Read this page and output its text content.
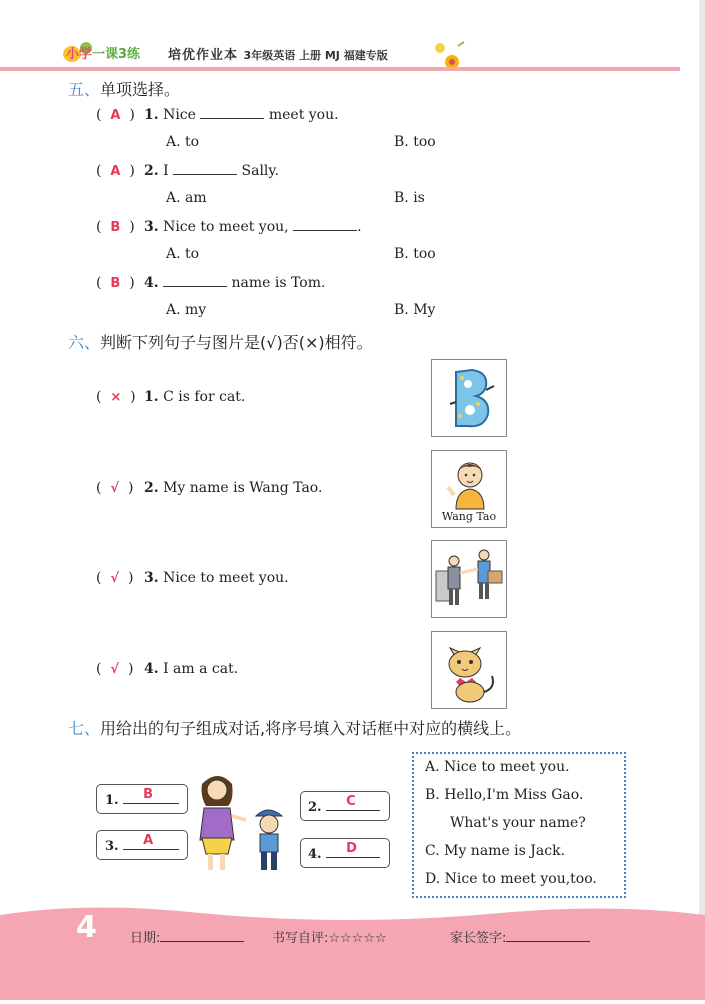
小学一课3练 培优作业本 3年级英语 上册 MJ 福建专版
五、单项选择。
(  A  ) 1. Nice	meet you.
A. to	B. too
(  A  ) 2. I	Sally.
A. am	B. is
(  B  ) 3. Nice to meet you,	.
A. to	B. too
(  B  ) 4.	name is Tom.
A. my	B. My
六、判断下列句子与图片是(√)否(×)相符。
(  ×  ) 1. C is for cat.
(  √  ) 2. My name is Wang Tao.
Wang Tao
(  √  ) 3. Nice to meet you.
(  √  ) 4. I am a cat.
七、用给出的句子组成对话,将序号填入对话框中对应的横线上。
1. B
3. A
2. C
4. D
A. Nice to meet you.
B. Hello,I'm Miss Gao.
What's your name?
C. My name is Jack.
D. Nice to meet you,too.
4	日期:	书写自评:☆☆☆☆☆	家长签字:
